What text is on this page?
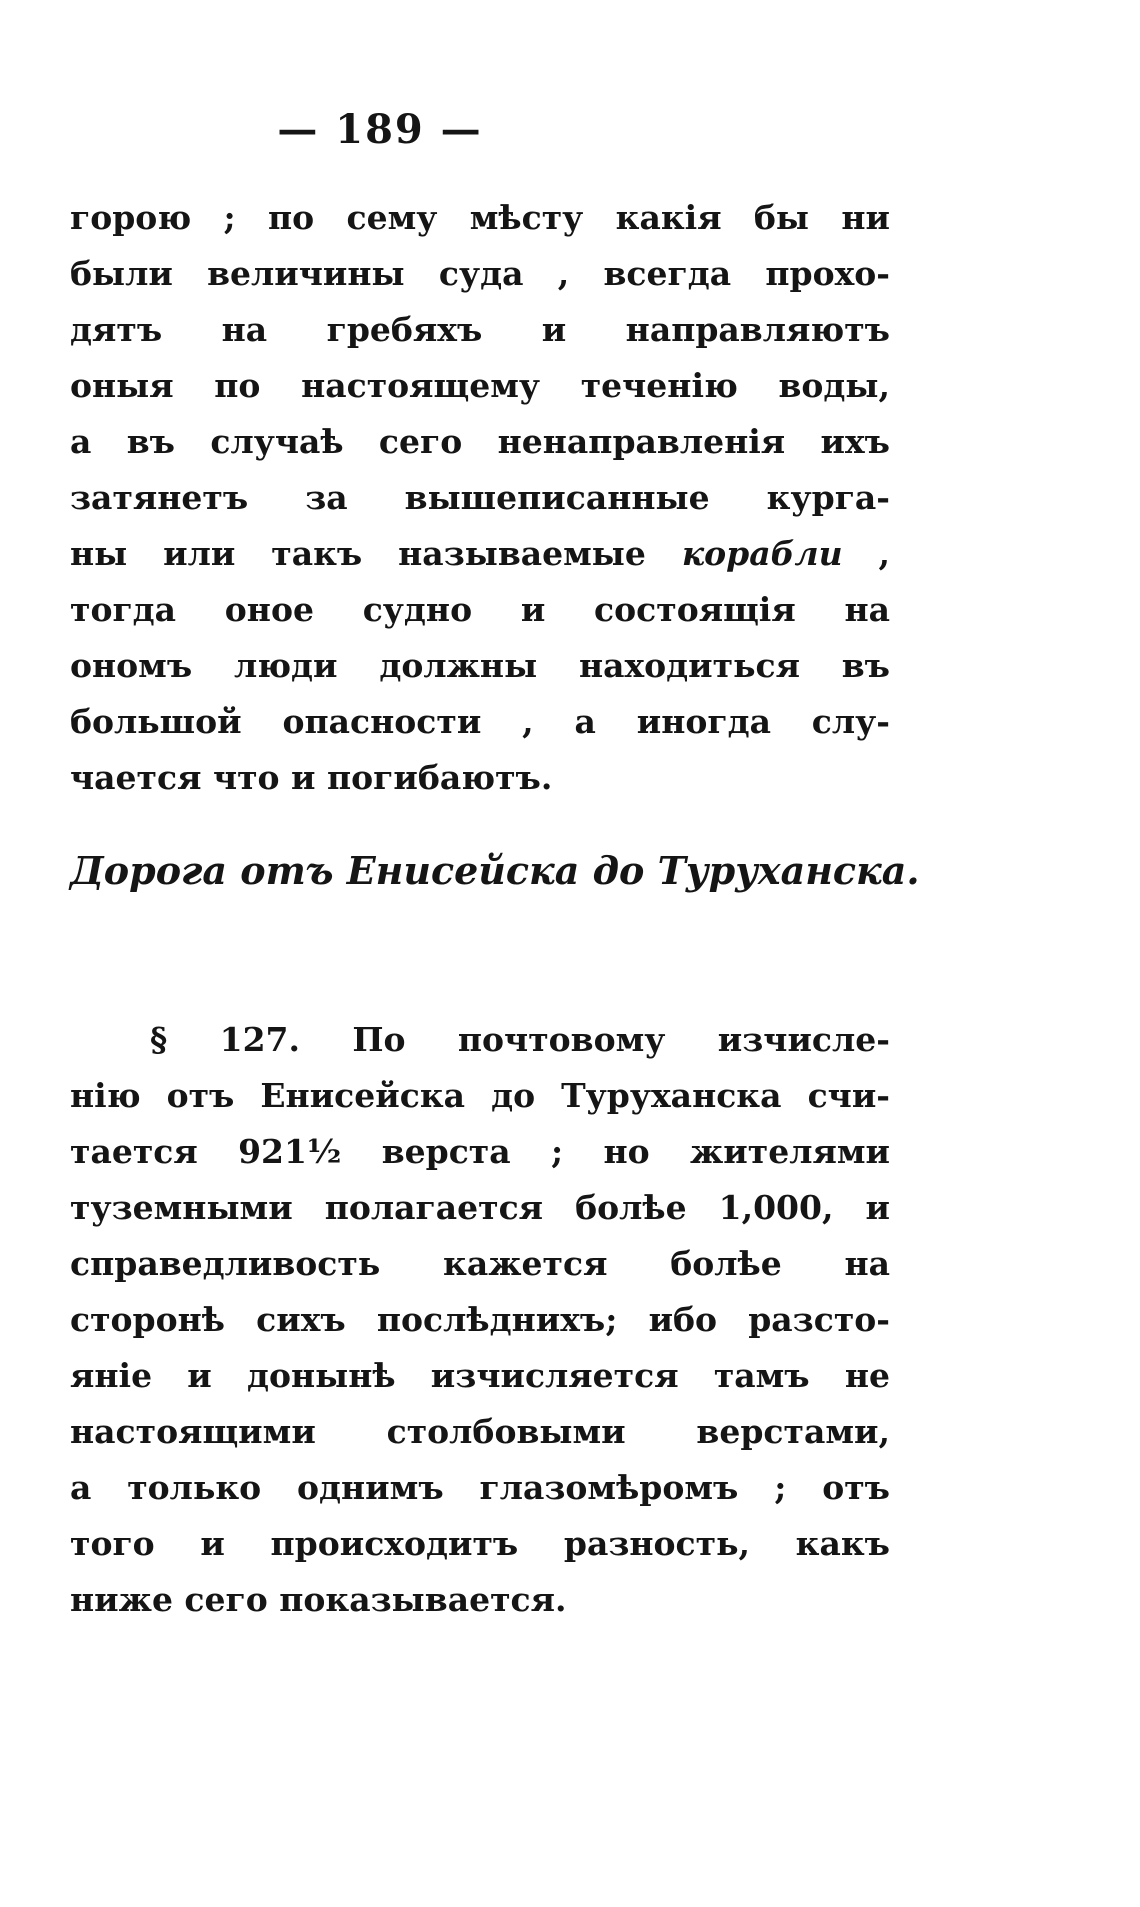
— 189 —
горою ; по сему мѣсту какія бы ни
были величины суда , всегда прохо-
дятъ на гребяхъ и направляютъ
оныя по настоящему теченію воды,
а въ случаѣ сего ненаправленія ихъ
затянетъ за вышеписанные курга-
ны или такъ называемые корабли ,
тогда оное судно и состоящія на
ономъ люди должны находиться въ
большой опасности , а иногда слу-
чается что и погибаютъ.
Дорога отъ Енисейска до Туруханска.
§ 127. По почтовому изчисле-
нію отъ Енисейска до Туруханска счи-
тается 921½ верста ; но жителями
туземными полагается болѣе 1,000, и
справедливость кажется болѣе на
сторонѣ сихъ послѣднихъ; ибо разсто-
яніе и донынѣ изчисляется тамъ не
настоящими столбовыми верстами,
а только однимъ глазомѣромъ ; отъ
того и происходитъ разность, какъ
ниже сего показывается.
